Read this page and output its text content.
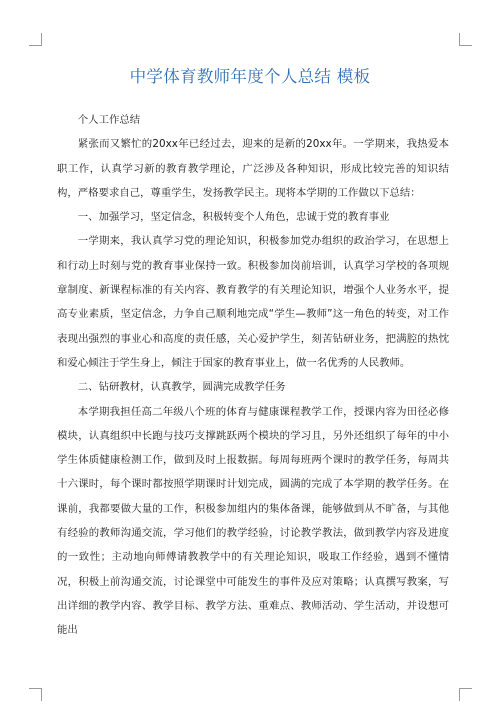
中学体育教师年度个人总结 模板

个人工作总结

紧张而又繁忙的20xx年已经过去，迎来的是新的20xx年。一学期来，我热爱本职工作，认真学习新的教育教学理论，广泛涉及各种知识，形成比较完善的知识结构，严格要求自己，尊重学生，发扬教学民主。现将本学期的工作做以下总结：

一、加强学习，坚定信念，积极转变个人角色，忠诚于党的教育事业

一学期来，我认真学习党的理论知识，积极参加党办组织的政治学习，在思想上和行动上时刻与党的教育事业保持一致。积极参加岗前培训，认真学习学校的各项规章制度、新课程标准的有关内容、教育教学的有关理论知识，增强个人业务水平，提高专业素质，坚定信念，力争自己顺利地完成“学生—教师”这一角色的转变，对工作表现出强烈的事业心和高度的责任感，关心爱护学生，刻苦钻研业务，把满腔的热忱和爱心倾注于学生身上，倾注于国家的教育事业上，做一名优秀的人民教师。

二、钻研教材，认真教学，圆满完成教学任务

本学期我担任高二年级八个班的体育与健康课程教学工作，授课内容为田径必修模块，认真组织中长跑与技巧支撑跳跃两个模块的学习且，另外还组织了每年的中小学生体质健康检测工作，做到及时上报数据。每周每班两个课时的教学任务，每周共十六课时，每个课时都按照学期课时计划完成，圆满的完成了本学期的教学任务。在课前，我都要做大量的工作，积极参加组内的集体备课，能够做到从不旷备，与其他有经验的教师沟通交流，学习他们的教学经验，讨论教学教法，做到教学内容及进度的一致性；主动地向师傅请教教学中的有关理论知识，吸取工作经验，遇到不懂情况，积极上前沟通交流，讨论课堂中可能发生的事件及应对策略；认真撰写教案，写出详细的教学内容、教学目标、教学方法、重难点、教师活动、学生活动，并设想可能出
